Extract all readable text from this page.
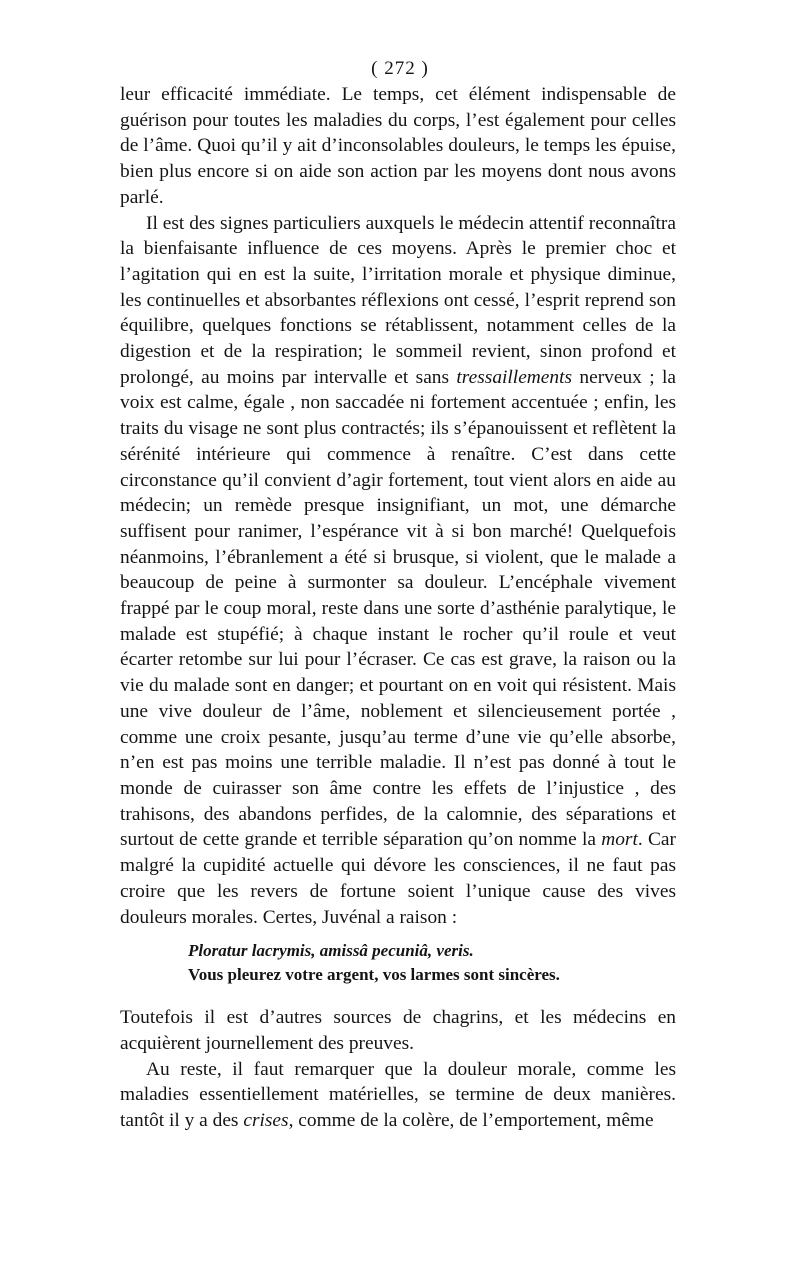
( 272 )

leur efficacité immédiate. Le temps, cet élément indispensable de guérison pour toutes les maladies du corps, l’est également pour celles de l’âme. Quoi qu’il y ait d’inconsolables douleurs, le temps les épuise, bien plus encore si on aide son action par les moyens dont nous avons parlé.

Il est des signes particuliers auxquels le médecin attentif reconnaîtra la bienfaisante influence de ces moyens. Après le premier choc et l’agitation qui en est la suite, l’irritation morale et physique diminue, les continuelles et absorbantes réflexions ont cessé, l’esprit reprend son équilibre, quelques fonctions se rétablissent, notamment celles de la digestion et de la respiration; le sommeil revient, sinon profond et prolongé, au moins par intervalle et sans tressaillements nerveux ; la voix est calme, égale , non saccadée ni fortement accentuée ; enfin, les traits du visage ne sont plus contractés; ils s’épanouissent et reflètent la sérénité intérieure qui commence à renaître. C’est dans cette circonstance qu’il convient d’agir fortement, tout vient alors en aide au médecin; un remède presque insignifiant, un mot, une démarche suffisent pour ranimer, l’espérance vit à si bon marché! Quelquefois néanmoins, l’ébranlement a été si brusque, si violent, que le malade a beaucoup de peine à surmonter sa douleur. L’encéphale vivement frappé par le coup moral, reste dans une sorte d’asthénie paralytique, le malade est stupéfié; à chaque instant le rocher qu’il roule et veut écarter retombe sur lui pour l’écraser. Ce cas est grave, la raison ou la vie du malade sont en danger; et pourtant on en voit qui résistent. Mais une vive douleur de l’âme, noblement et silencieusement portée , comme une croix pesante, jusqu’au terme d’une vie qu’elle absorbe, n’en est pas moins une terrible maladie. Il n’est pas donné à tout le monde de cuirasser son âme contre les effets de l’injustice , des trahisons, des abandons perfides, de la calomnie, des séparations et surtout de cette grande et terrible séparation qu’on nomme la mort. Car malgré la cupidité actuelle qui dévore les consciences, il ne faut pas croire que les revers de fortune soient l’unique cause des vives douleurs morales. Certes, Juvénal a raison :

Ploratur lacrymis, amissâ pecuniâ, veris.
Vous pleurez votre argent, vos larmes sont sincères.

Toutefois il est d’autres sources de chagrins, et les médecins en acquièrent journellement des preuves.

Au reste, il faut remarquer que la douleur morale, comme les maladies essentiellement matérielles, se termine de deux manières. tantôt il y a des crises, comme de la colère, de l’emportement, même
